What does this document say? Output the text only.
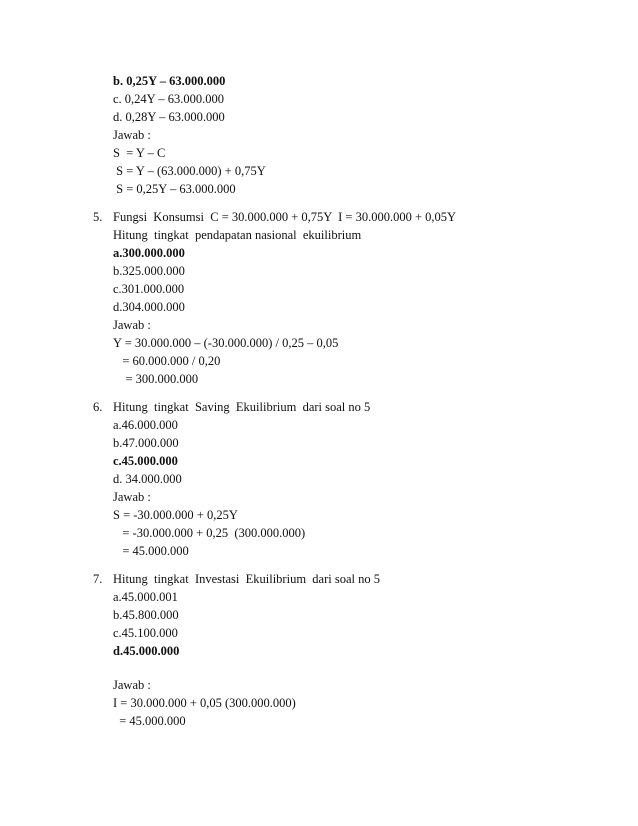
b. 0,25Y – 63.000.000
c. 0,24Y – 63.000.000
d. 0,28Y – 63.000.000
Jawab :
S  = Y – C
S = Y – (63.000.000) + 0,75Y
S = 0,25Y – 63.000.000
5. Fungsi  Konsumsi  C = 30.000.000 + 0,75Y  I = 30.000.000 + 0,05Y
Hitung  tingkat  pendapatan nasional  ekuilibrium
a.300.000.000
b.325.000.000
c.301.000.000
d.304.000.000
Jawab :
Y = 30.000.000 – (-30.000.000) / 0,25 – 0,05
= 60.000.000 / 0,20
= 300.000.000
6. Hitung  tingkat  Saving  Ekuilibrium  dari soal no 5
a.46.000.000
b.47.000.000
c.45.000.000
d. 34.000.000
Jawab :
S = -30.000.000 + 0,25Y
= -30.000.000 + 0,25  (300.000.000)
= 45.000.000
7. Hitung  tingkat  Investasi  Ekuilibrium  dari soal no 5
a.45.000.001
b.45.800.000
c.45.100.000
d.45.000.000
Jawab :
I = 30.000.000 + 0,05 (300.000.000)
= 45.000.000
